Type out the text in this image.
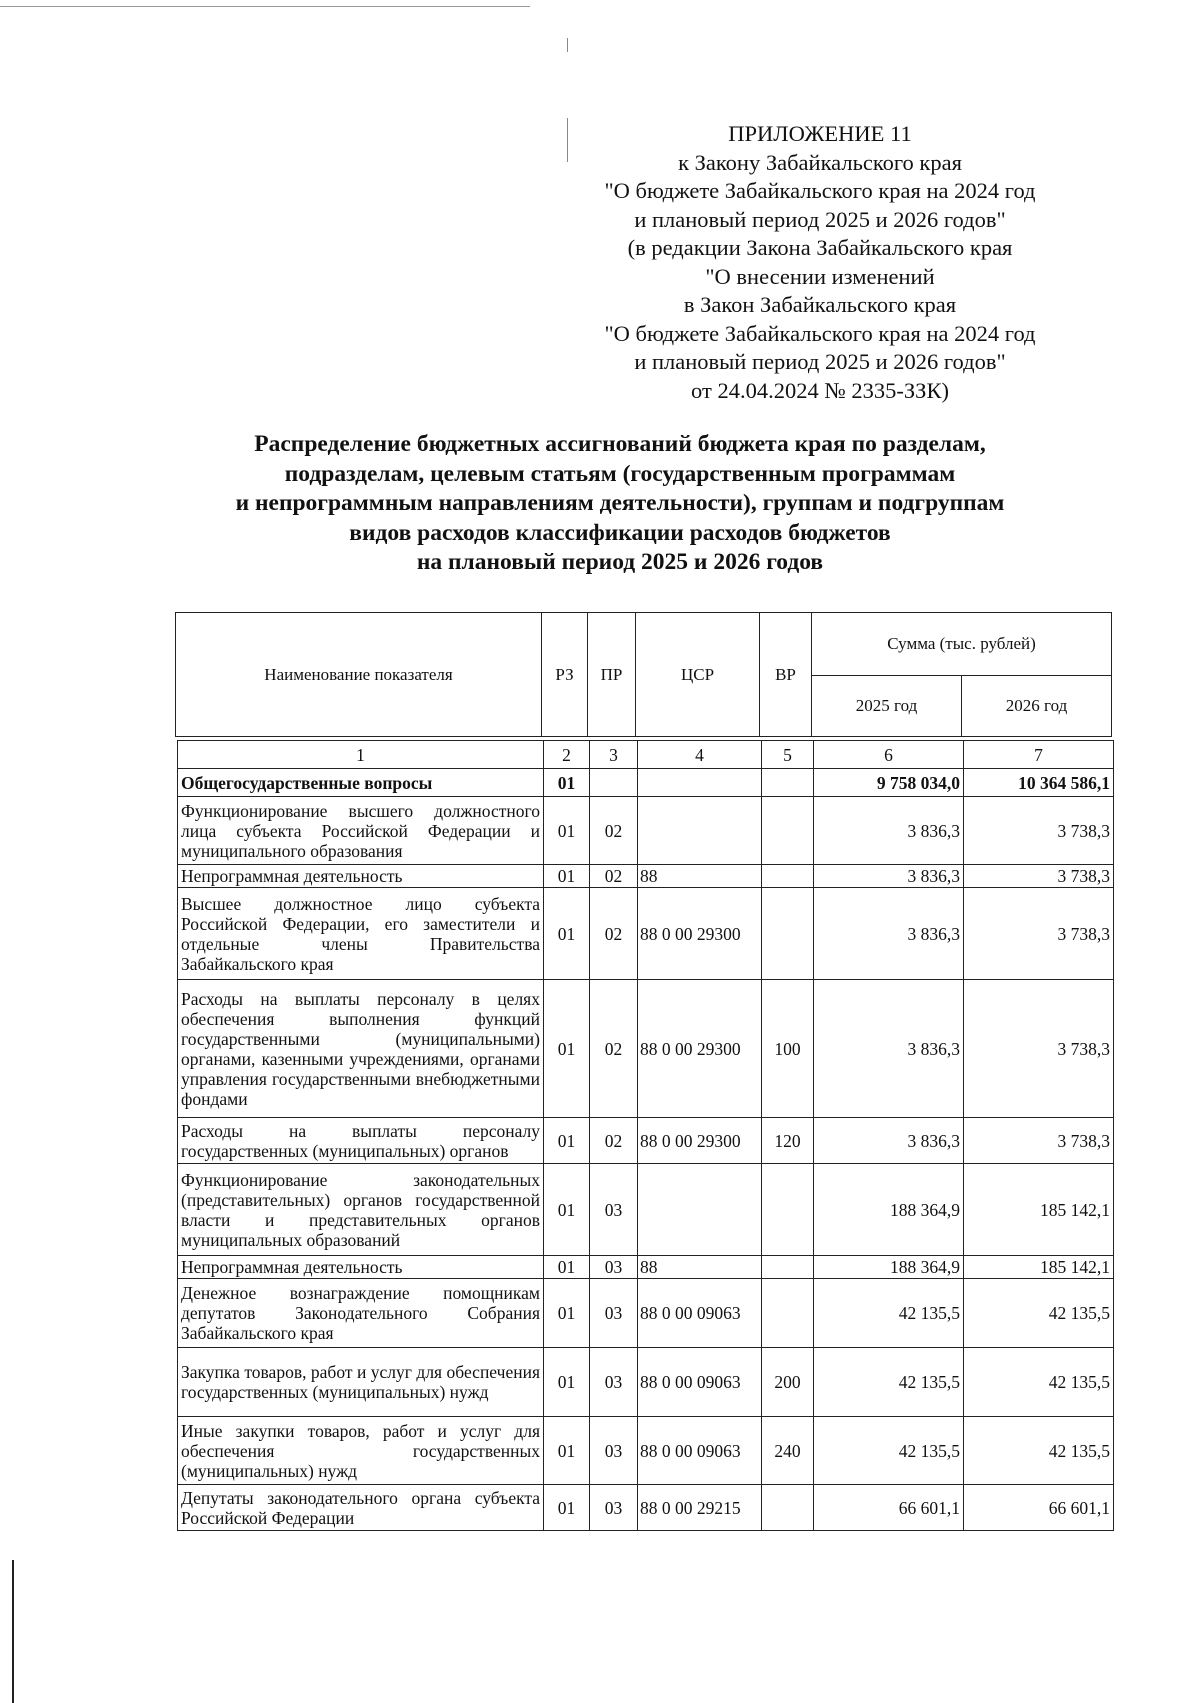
ПРИЛОЖЕНИЕ 11
к Закону Забайкальского края
"О бюджете Забайкальского края на 2024 год
и плановый период 2025 и 2026 годов"
(в редакции Закона Забайкальского края
"О внесении изменений
в Закон Забайкальского края
"О бюджете Забайкальского края на 2024 год
и плановый период 2025 и 2026 годов"
от 24.04.2024 № 2335-ЗЗК)
Распределение бюджетных ассигнований бюджета края по разделам,
подразделам, целевым статьям (государственным программам
и непрограммным направлениям деятельности), группам и подгруппам
видов расходов классификации расходов бюджетов
на плановый период 2025 и 2026 годов
Наименование показателя	РЗ	ПР	ЦСР	ВР	Сумма (тыс. рублей)	
					2025 год	2026 год
1	2	3	4	5	6	7
Общегосударственные вопросы	01				9 758 034,0	10 364 586,1
Функционирование высшего должностного лица субъекта Российской Федерации и муниципального образования	01	02			3 836,3	3 738,3
Непрограммная деятельность	01	02	88		3 836,3	3 738,3
Высшее должностное лицо субъекта Российской Федерации, его заместители и отдельные члены Правительства Забайкальского края	01	02	88 0 00 29300		3 836,3	3 738,3
Расходы на выплаты персоналу в целях обеспечения выполнения функций государственными (муниципальными) органами, казенными учреждениями, органами управления государственными внебюджетными фондами	01	02	88 0 00 29300	100	3 836,3	3 738,3
Расходы на выплаты персоналу государственных (муниципальных) органов	01	02	88 0 00 29300	120	3 836,3	3 738,3
Функционирование законодательных (представительных) органов государственной власти и представительных органов муниципальных образований	01	03			188 364,9	185 142,1
Непрограммная деятельность	01	03	88		188 364,9	185 142,1
Денежное вознаграждение помощникам депутатов Законодательного Собрания Забайкальского края	01	03	88 0 00 09063		42 135,5	42 135,5
Закупка товаров, работ и услуг для обеспечения государственных (муниципальных) нужд	01	03	88 0 00 09063	200	42 135,5	42 135,5
Иные закупки товаров, работ и услуг для обеспечения государственных (муниципальных) нужд	01	03	88 0 00 09063	240	42 135,5	42 135,5
Депутаты законодательного органа субъекта Российской Федерации	01	03	88 0 00 29215		66 601,1	66 601,1
